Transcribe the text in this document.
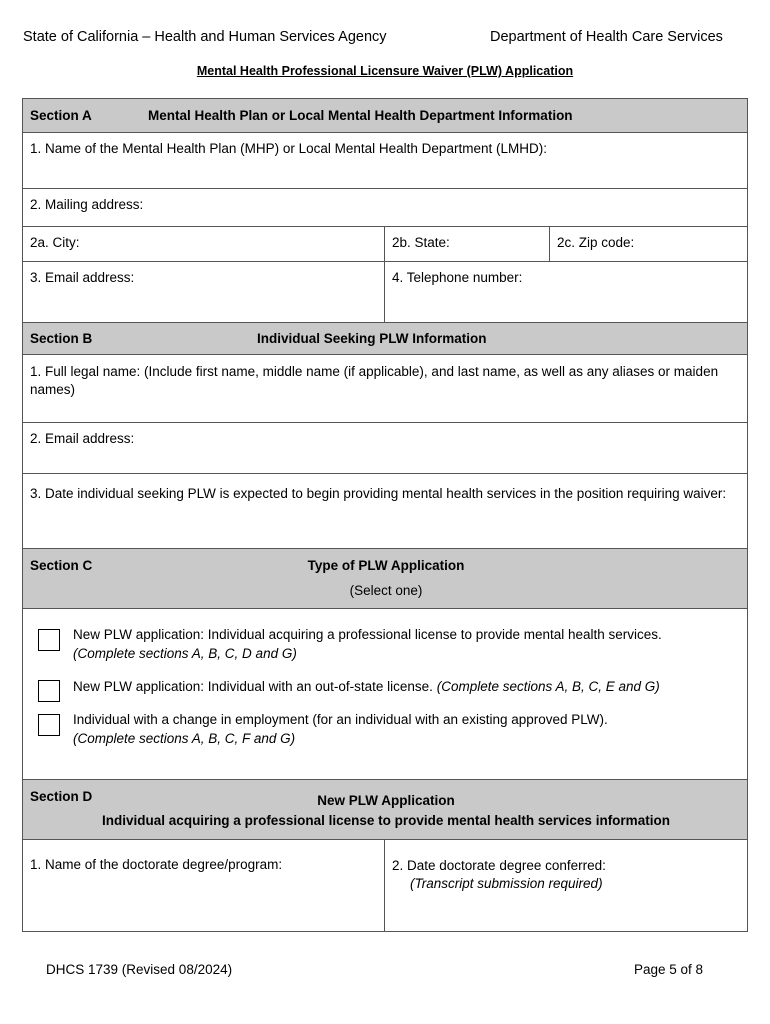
State of California – Health and Human Services Agency	Department of Health Care Services
Mental Health Professional Licensure Waiver (PLW) Application
Section A	Mental Health Plan or Local Mental Health Department Information
1. Name of the Mental Health Plan (MHP) or Local Mental Health Department (LMHD):
2. Mailing address:
2a. City:	2b. State:	2c. Zip code:
3. Email address:	4. Telephone number:
Section B	Individual Seeking PLW Information
1. Full legal name: (Include first name, middle name (if applicable), and last name, as well as any aliases or maiden names)
2. Email address:
3. Date individual seeking PLW is expected to begin providing mental health services in the position requiring waiver:
Section C	Type of PLW Application
(Select one)
New PLW application: Individual acquiring a professional license to provide mental health services.
(Complete sections A, B, C, D and G)
New PLW application: Individual with an out-of-state license. (Complete sections A, B, C, E and G)
Individual with a change in employment (for an individual with an existing approved PLW).
(Complete sections A, B, C, F and G)
Section D	New PLW Application
Individual acquiring a professional license to provide mental health services information
1. Name of the doctorate degree/program:	2. Date doctorate degree conferred:
(Transcript submission required)
DHCS 1739 (Revised 08/2024)	Page 5 of 8
